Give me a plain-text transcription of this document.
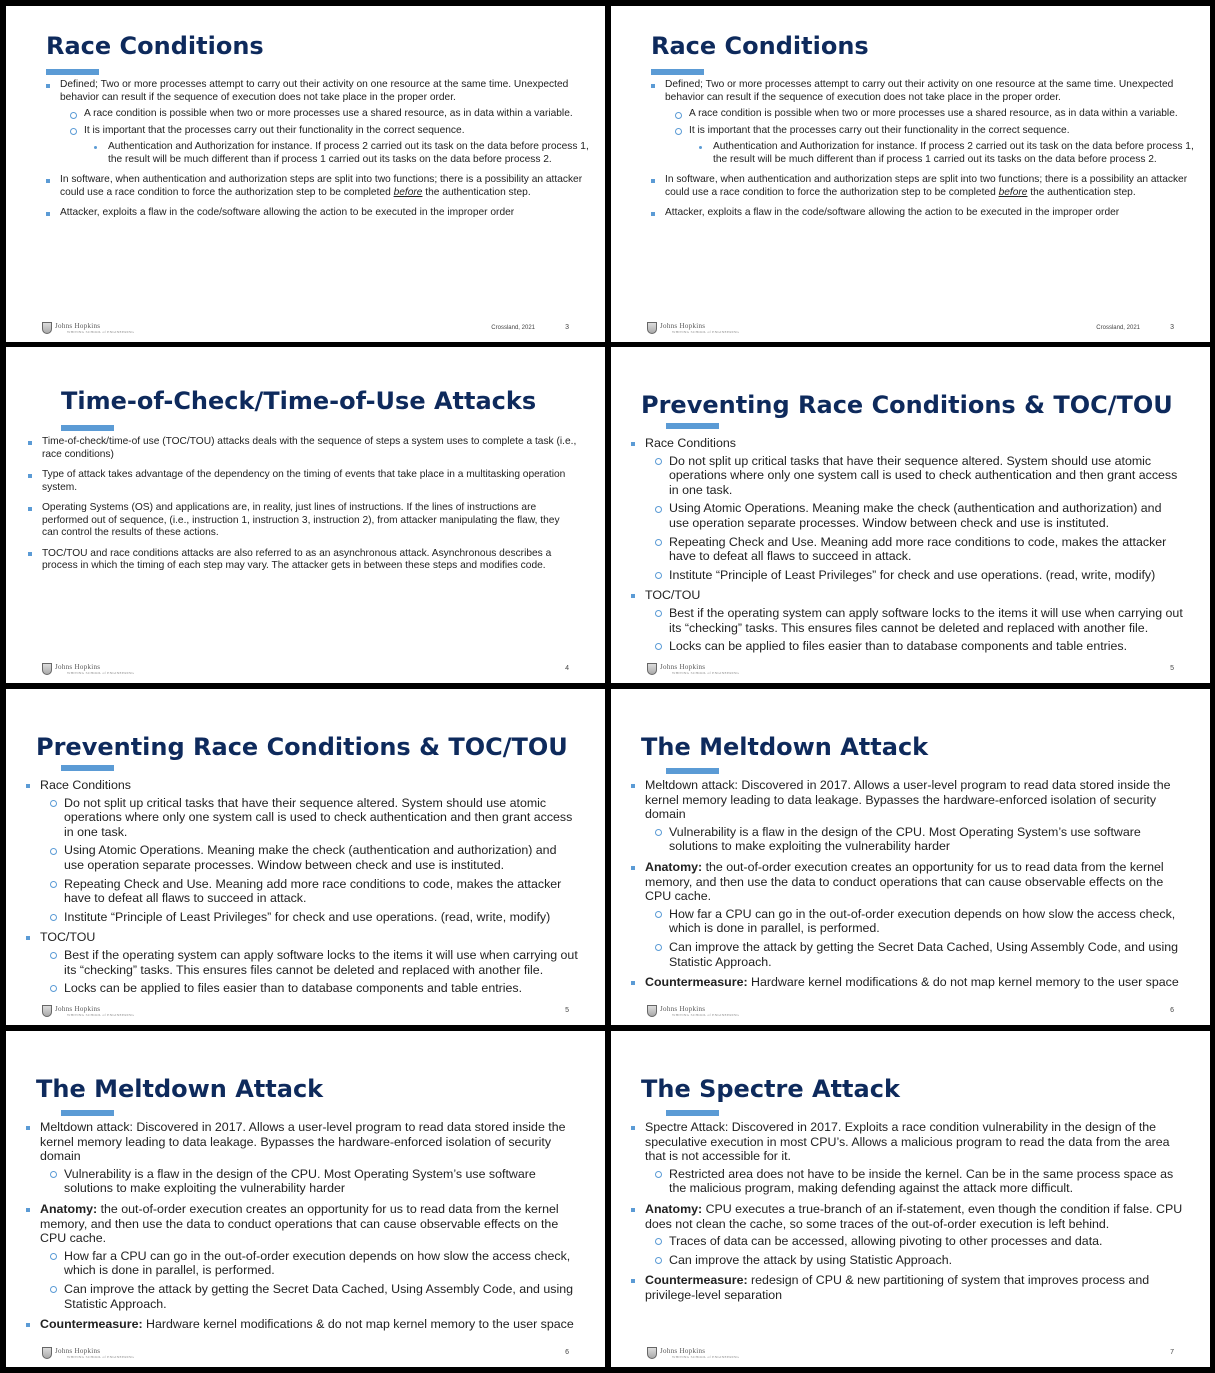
Race Conditions

Defined; Two or more processes attempt to carry out their activity on one resource at the same time. Unexpected behavior can result if the sequence of execution does not take place in the proper order.

A race condition is possible when two or more processes use a shared resource, as in data within a variable.

It is important that the processes carry out their functionality in the correct sequence.

Authentication and Authorization for instance. If process 2 carried out its task on the data before process 1, the result will be much different than if process 1 carried out its tasks on the data before process 2.

In software, when authentication and authorization steps are split into two functions; there is a possibility an attacker could use a race condition to force the authorization step to be completed before the authentication step.

Attacker, exploits a flaw in the code/software allowing the action to be executed in the improper order

Johns Hopkins
WHITING SCHOOL of ENGINEERING
Crossland, 2021	3
Race Conditions

Defined; Two or more processes attempt to carry out their activity on one resource at the same time. Unexpected behavior can result if the sequence of execution does not take place in the proper order.

A race condition is possible when two or more processes use a shared resource, as in data within a variable.

It is important that the processes carry out their functionality in the correct sequence.

Authentication and Authorization for instance. If process 2 carried out its task on the data before process 1, the result will be much different than if process 1 carried out its tasks on the data before process 2.

In software, when authentication and authorization steps are split into two functions; there is a possibility an attacker could use a race condition to force the authorization step to be completed before the authentication step.

Attacker, exploits a flaw in the code/software allowing the action to be executed in the improper order

Johns Hopkins
WHITING SCHOOL of ENGINEERING
Crossland, 2021	3
Time-of-Check/Time-of-Use Attacks

Time-of-check/time-of use (TOC/TOU) attacks deals with the sequence of steps a system uses to complete a task (i.e., race conditions)

Type of attack takes advantage of the dependency on the timing of events that take place in a multitasking operation system.

Operating Systems (OS) and applications are, in reality, just lines of instructions. If the lines of instructions are performed out of sequence, (i.e., instruction 1, instruction 3, instruction 2), from attacker manipulating the flaw, they can control the results of these actions.

TOC/TOU and race conditions attacks are also referred to as an asynchronous attack. Asynchronous describes a process in which the timing of each step may vary. The attacker gets in between these steps and modifies code.

Johns Hopkins
WHITING SCHOOL of ENGINEERING
4
Preventing Race Conditions & TOC/TOU

Race Conditions

Do not split up critical tasks that have their sequence altered. System should use atomic operations where only one system call is used to check authentication and then grant access in one task.

Using Atomic Operations. Meaning make the check (authentication and authorization) and use operation separate processes. Window between check and use is instituted.

Repeating Check and Use. Meaning add more race conditions to code, makes the attacker have to defeat all flaws to succeed in attack.

Institute “Principle of Least Privileges” for check and use operations. (read, write, modify)

TOC/TOU

Best if the operating system can apply software locks to the items it will use when carrying out its “checking” tasks. This ensures files cannot be deleted and replaced with another file.

Locks can be applied to files easier than to database components and table entries.

Johns Hopkins
WHITING SCHOOL of ENGINEERING
5
Preventing Race Conditions & TOC/TOU

Race Conditions

Do not split up critical tasks that have their sequence altered. System should use atomic operations where only one system call is used to check authentication and then grant access in one task.

Using Atomic Operations. Meaning make the check (authentication and authorization) and use operation separate processes. Window between check and use is instituted.

Repeating Check and Use. Meaning add more race conditions to code, makes the attacker have to defeat all flaws to succeed in attack.

Institute “Principle of Least Privileges” for check and use operations. (read, write, modify)

TOC/TOU

Best if the operating system can apply software locks to the items it will use when carrying out its “checking” tasks. This ensures files cannot be deleted and replaced with another file.

Locks can be applied to files easier than to database components and table entries.

Johns Hopkins
WHITING SCHOOL of ENGINEERING
5
The Meltdown Attack

Meltdown attack: Discovered in 2017. Allows a user-level program to read data stored inside the kernel memory leading to data leakage. Bypasses the hardware-enforced isolation of security domain

Vulnerability is a flaw in the design of the CPU. Most Operating System’s use software solutions to make exploiting the vulnerability harder

Anatomy: the out-of-order execution creates an opportunity for us to read data from the kernel memory, and then use the data to conduct operations that can cause observable effects on the CPU cache.

How far a CPU can go in the out-of-order execution depends on how slow the access check, which is done in parallel, is performed.

Can improve the attack by getting the Secret Data Cached, Using Assembly Code, and using Statistic Approach.

Countermeasure: Hardware kernel modifications & do not map kernel memory to the user space

Johns Hopkins
WHITING SCHOOL of ENGINEERING
6
The Meltdown Attack

Meltdown attack: Discovered in 2017. Allows a user-level program to read data stored inside the kernel memory leading to data leakage. Bypasses the hardware-enforced isolation of security domain

Vulnerability is a flaw in the design of the CPU. Most Operating System’s use software solutions to make exploiting the vulnerability harder

Anatomy: the out-of-order execution creates an opportunity for us to read data from the kernel memory, and then use the data to conduct operations that can cause observable effects on the CPU cache.

How far a CPU can go in the out-of-order execution depends on how slow the access check, which is done in parallel, is performed.

Can improve the attack by getting the Secret Data Cached, Using Assembly Code, and using Statistic Approach.

Countermeasure: Hardware kernel modifications & do not map kernel memory to the user space

Johns Hopkins
WHITING SCHOOL of ENGINEERING
6
The Spectre Attack

Spectre Attack: Discovered in 2017. Exploits a race condition vulnerability in the design of the speculative execution in most CPU’s. Allows a malicious program to read the data from the area that is not accessible for it.

Restricted area does not have to be inside the kernel. Can be in the same process space as the malicious program, making defending against the attack more difficult.

Anatomy: CPU executes a true-branch of an if-statement, even though the condition if false. CPU does not clean the cache, so some traces of the out-of-order execution is left behind.

Traces of data can be accessed, allowing pivoting to other processes and data.

Can improve the attack by using Statistic Approach.

Countermeasure: redesign of CPU & new partitioning of system that improves process and privilege-level separation

Johns Hopkins
WHITING SCHOOL of ENGINEERING
7
